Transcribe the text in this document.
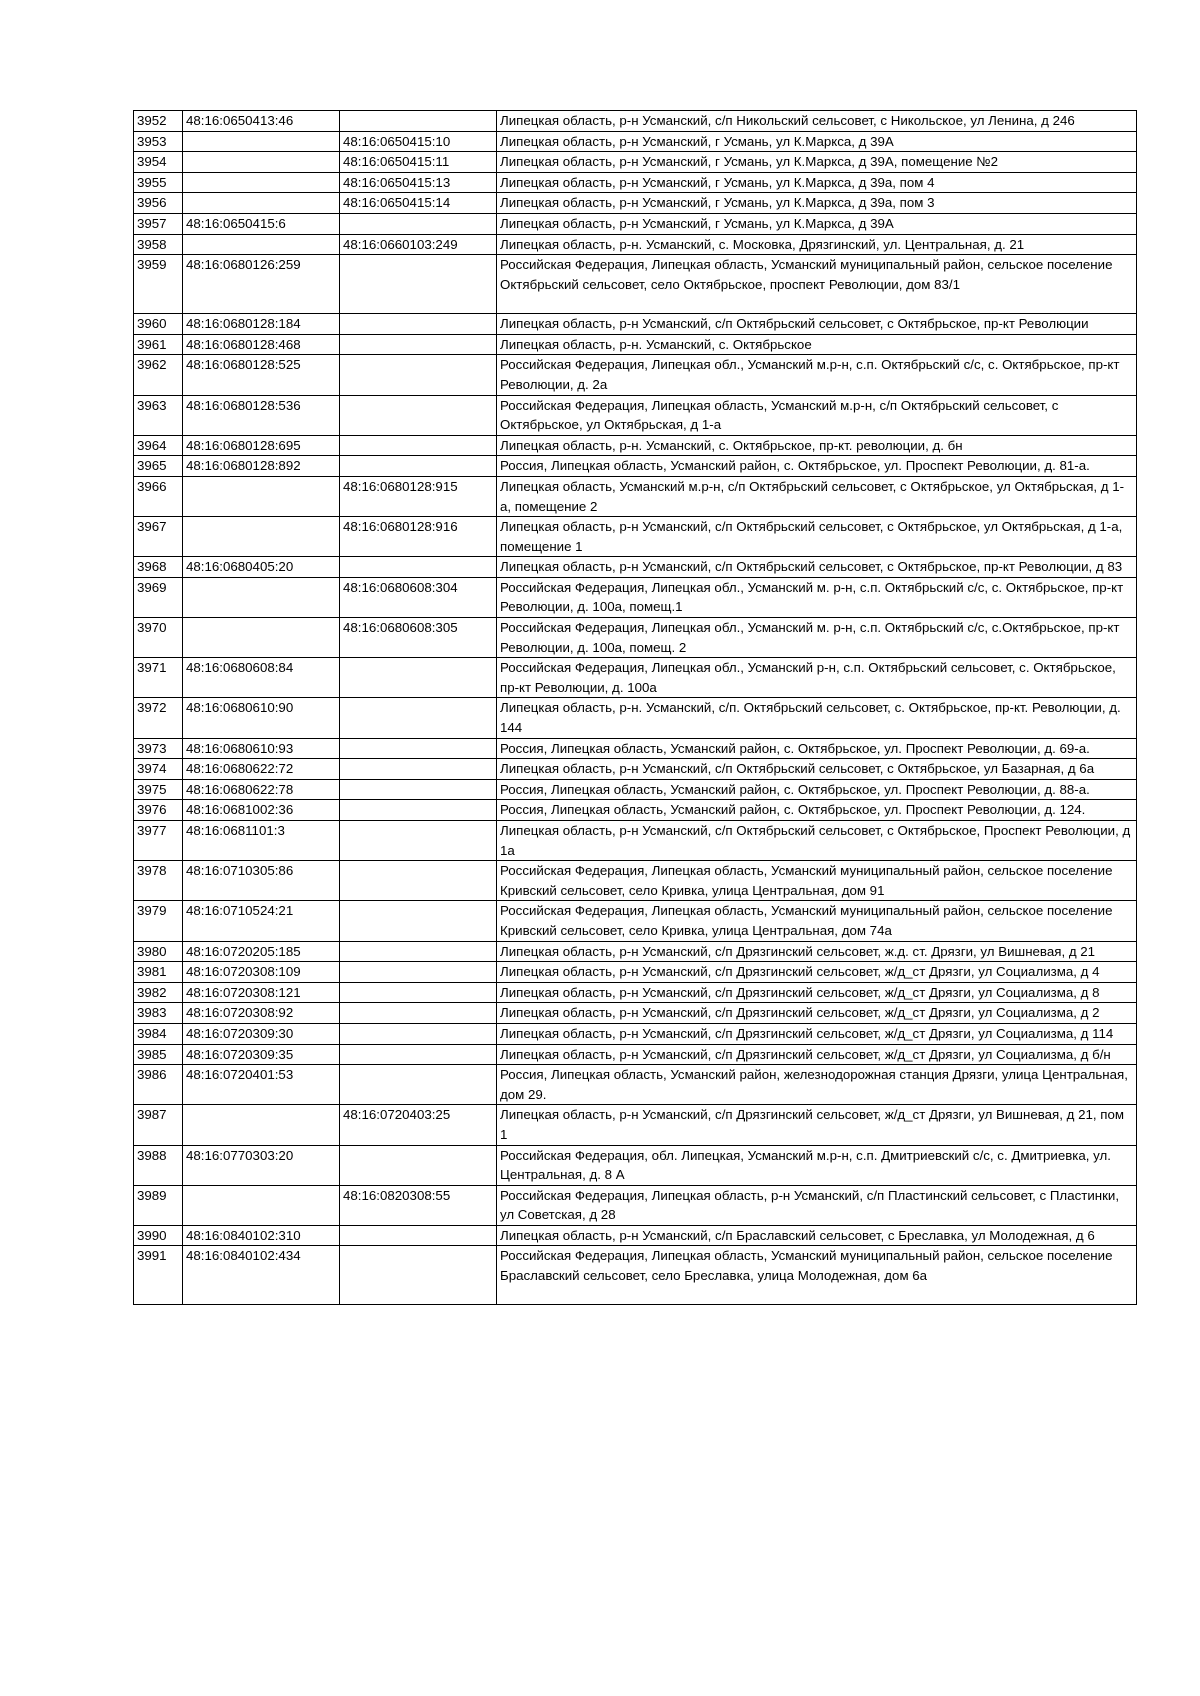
3952	48:16:0650413:46		Липецкая область, р-н Усманский, с/п Никольский сельсовет, с Никольское, ул Ленина, д 246
3953		48:16:0650415:10	Липецкая область, р-н Усманский, г Усмань, ул К.Маркса, д 39А
3954		48:16:0650415:11	Липецкая область, р-н Усманский, г Усмань, ул К.Маркса, д 39А, помещение №2
3955		48:16:0650415:13	Липецкая область, р-н Усманский, г Усмань, ул К.Маркса, д 39а, пом 4
3956		48:16:0650415:14	Липецкая область, р-н Усманский, г Усмань, ул К.Маркса, д 39а, пом 3
3957	48:16:0650415:6		Липецкая область, р-н Усманский, г Усмань, ул К.Маркса, д 39А
3958		48:16:0660103:249	Липецкая область, р-н. Усманский, с. Московка, Дрязгинский, ул. Центральная, д. 21
3959	48:16:0680126:259		Российская Федерация, Липецкая область, Усманский муниципальный район, сельское поселение Октябрьский сельсовет, село Октябрьское, проспект Революции, дом 83/1
3960	48:16:0680128:184		Липецкая область, р-н Усманский, с/п Октябрьский сельсовет, с Октябрьское, пр-кт Революции
3961	48:16:0680128:468		Липецкая область, р-н. Усманский, с. Октябрьское
3962	48:16:0680128:525		Российская Федерация, Липецкая обл., Усманский м.р-н, с.п. Октябрьский с/с, с. Октябрьское, пр-кт Революции, д. 2а
3963	48:16:0680128:536		Российская Федерация, Липецкая область, Усманский м.р-н, с/п Октябрьский сельсовет, с Октябрьское, ул Октябрьская, д 1-а
3964	48:16:0680128:695		Липецкая область, р-н. Усманский, с. Октябрьское, пр-кт. революции, д. бн
3965	48:16:0680128:892		Россия, Липецкая область, Усманский район, с. Октябрьское, ул. Проспект Революции, д. 81-а.
3966		48:16:0680128:915	Липецкая область, Усманский м.р-н, с/п Октябрьский сельсовет, с Октябрьское, ул Октябрьская, д 1-а, помещение 2
3967		48:16:0680128:916	Липецкая область, р-н Усманский, с/п Октябрьский сельсовет, с Октябрьское, ул Октябрьская, д 1-а, помещение 1
3968	48:16:0680405:20		Липецкая область, р-н Усманский, с/п Октябрьский сельсовет, с Октябрьское, пр-кт Революции, д 83
3969		48:16:0680608:304	Российская Федерация, Липецкая обл., Усманский м. р-н, с.п. Октябрьский с/с, с. Октябрьское, пр-кт Революции, д. 100а, помещ.1
3970		48:16:0680608:305	Российская Федерация, Липецкая обл., Усманский м. р-н, с.п. Октябрьский с/с, с.Октябрьское, пр-кт Революции, д. 100а, помещ. 2
3971	48:16:0680608:84		Российская Федерация, Липецкая обл., Усманский р-н, с.п. Октябрьский сельсовет, с. Октябрьское, пр-кт Революции, д. 100а
3972	48:16:0680610:90		Липецкая область, р-н. Усманский, с/п. Октябрьский сельсовет, с. Октябрьское, пр-кт. Революции, д. 144
3973	48:16:0680610:93		Россия, Липецкая область, Усманский район, с. Октябрьское, ул. Проспект Революции, д. 69-а.
3974	48:16:0680622:72		Липецкая область, р-н Усманский, с/п Октябрьский сельсовет, с Октябрьское, ул Базарная, д 6а
3975	48:16:0680622:78		Россия, Липецкая область, Усманский район, с. Октябрьское, ул. Проспект Революции, д. 88-а.
3976	48:16:0681002:36		Россия, Липецкая область, Усманский район, с. Октябрьское, ул. Проспект Революции, д. 124.
3977	48:16:0681101:3		Липецкая область, р-н Усманский, с/п Октябрьский сельсовет, с Октябрьское, Проспект Революции, д 1а
3978	48:16:0710305:86		Российская Федерация, Липецкая область, Усманский муниципальный район, сельское поселение Кривский сельсовет, село Кривка, улица Центральная, дом 91
3979	48:16:0710524:21		Российская Федерация, Липецкая область, Усманский муниципальный район, сельское поселение Кривский сельсовет, село Кривка, улица Центральная, дом 74а
3980	48:16:0720205:185		Липецкая область, р-н Усманский, с/п Дрязгинский сельсовет, ж.д. ст. Дрязги, ул Вишневая, д 21
3981	48:16:0720308:109		Липецкая область, р-н Усманский, с/п Дрязгинский сельсовет, ж/д_ст Дрязги, ул Социализма, д 4
3982	48:16:0720308:121		Липецкая область, р-н Усманский, с/п Дрязгинский сельсовет, ж/д_ст Дрязги, ул Социализма, д 8
3983	48:16:0720308:92		Липецкая область, р-н Усманский, с/п Дрязгинский сельсовет, ж/д_ст Дрязги, ул Социализма, д 2
3984	48:16:0720309:30		Липецкая область, р-н Усманский, с/п Дрязгинский сельсовет, ж/д_ст Дрязги, ул Социализма, д 114
3985	48:16:0720309:35		Липецкая область, р-н Усманский, с/п Дрязгинский сельсовет, ж/д_ст Дрязги, ул Социализма, д б/н
3986	48:16:0720401:53		Россия, Липецкая область, Усманский район, железнодорожная станция Дрязги, улица Центральная, дом 29.
3987		48:16:0720403:25	Липецкая область, р-н Усманский, с/п Дрязгинский сельсовет, ж/д_ст Дрязги, ул Вишневая, д 21, пом 1
3988	48:16:0770303:20		Российская Федерация, обл. Липецкая, Усманский м.р-н, с.п. Дмитриевский с/с, с. Дмитриевка, ул. Центральная, д. 8 А
3989		48:16:0820308:55	Российская Федерация, Липецкая область, р-н Усманский, с/п Пластинский сельсовет, с Пластинки, ул Советская, д 28
3990	48:16:0840102:310		Липецкая область, р-н Усманский, с/п Браславский сельсовет, с Бреславка, ул Молодежная, д 6
3991	48:16:0840102:434		Российская Федерация, Липецкая область, Усманский муниципальный район, сельское поселение Браславский сельсовет, село Бреславка, улица Молодежная, дом 6а
